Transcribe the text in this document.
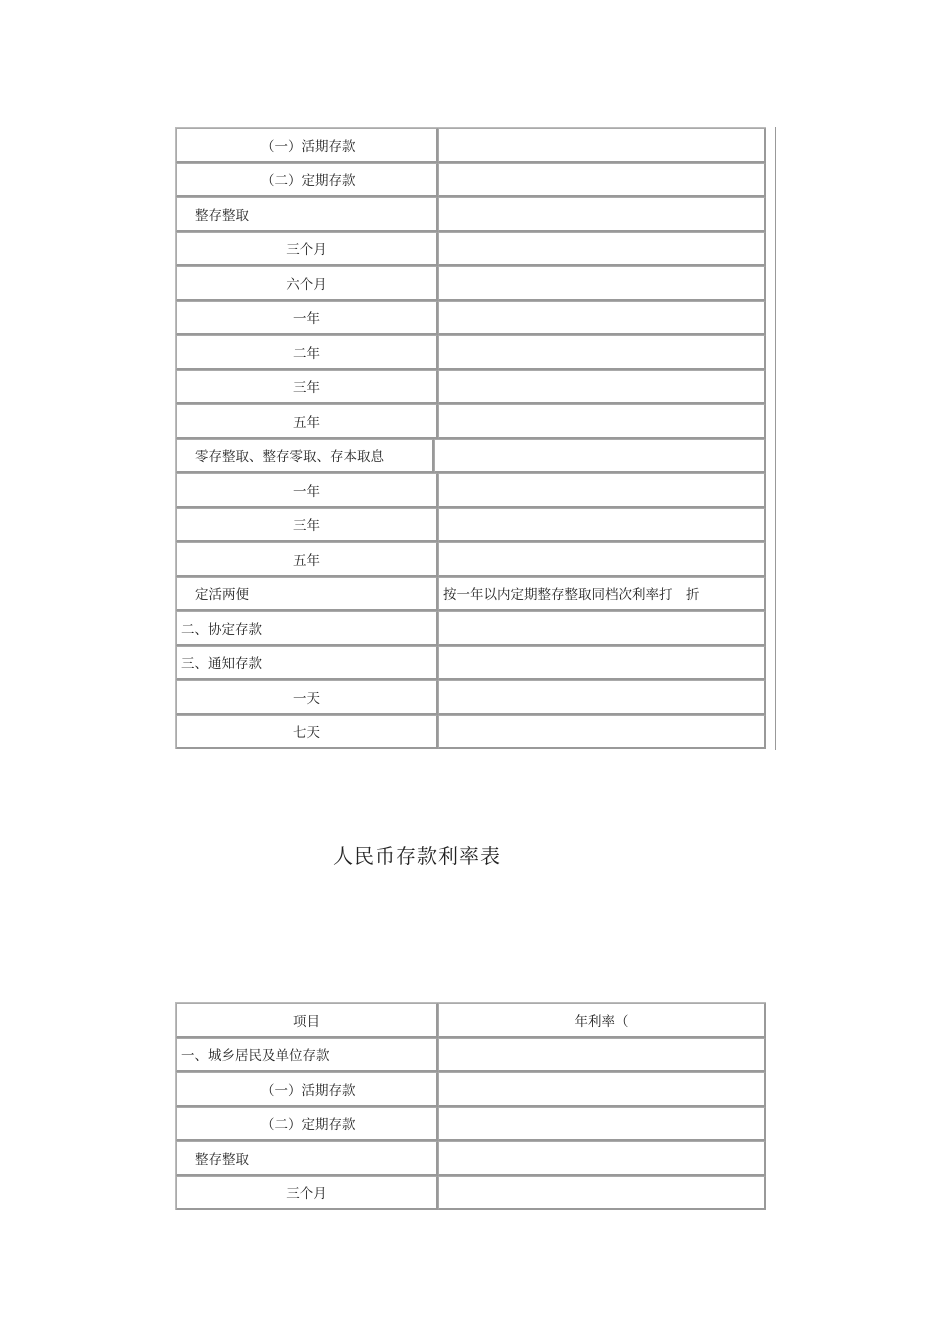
（一）活期存款
（二）定期存款
整存整取
三个月
六个月
一年
二年
三年
五年
零存整取、整存零取、存本取息
一年
三年
五年
定活两便	按一年以内定期整存整取同档次利率打　折
二、协定存款
三、通知存款
一天
七天
人民币存款利率表
项目	年利率（
一、城乡居民及单位存款
（一）活期存款
（二）定期存款
整存整取
三个月
